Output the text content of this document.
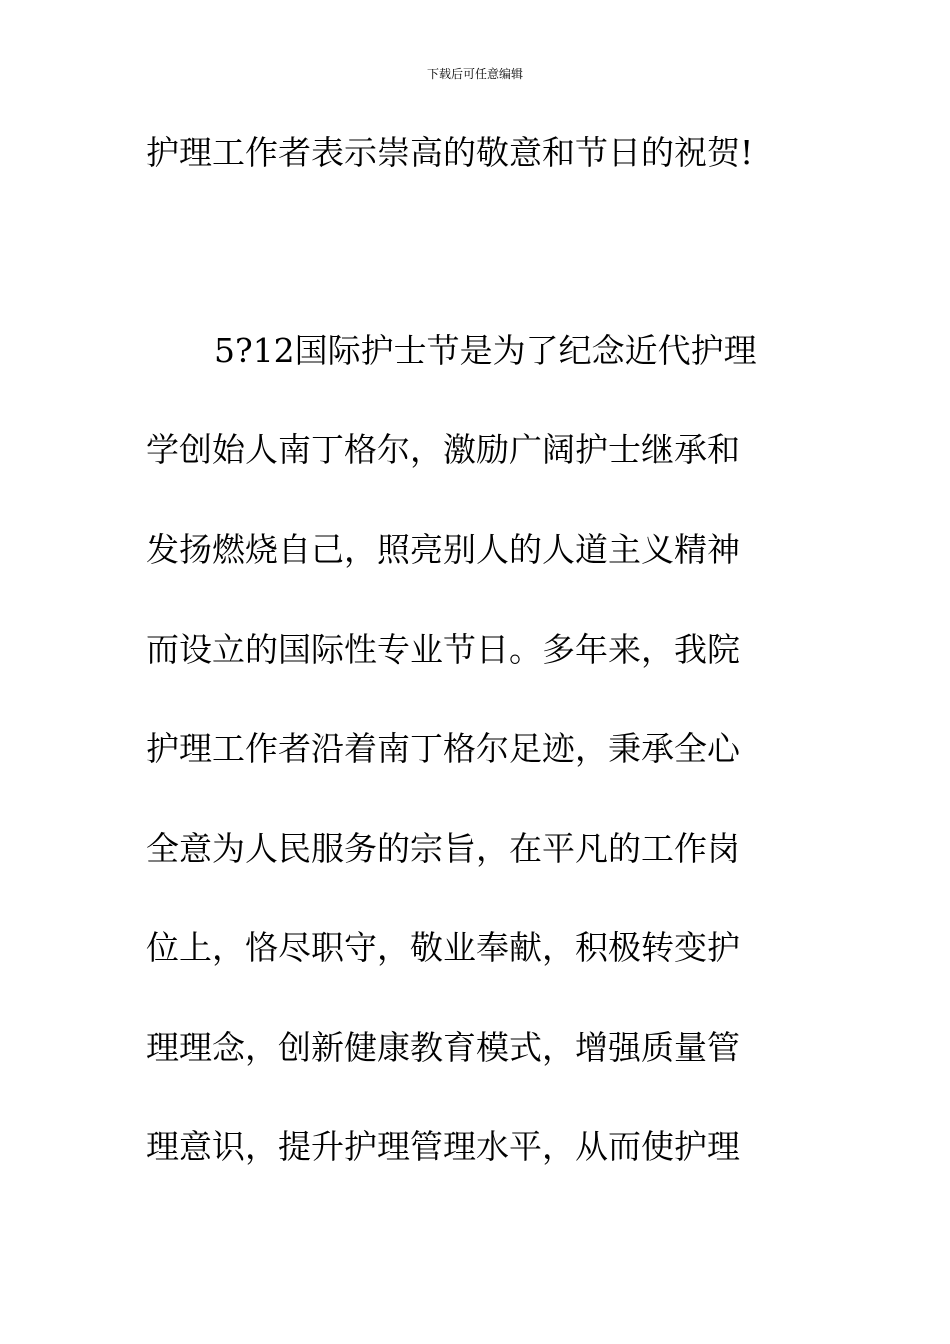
下载后可任意编辑
护理工作者表示崇高的敬意和节日的祝贺!
5?12国际护士节是为了纪念近代护理
学创始人南丁格尔，激励广阔护士继承和
发扬燃烧自己，照亮别人的人道主义精神
而设立的国际性专业节日。多年来，我院
护理工作者沿着南丁格尔足迹，秉承全心
全意为人民服务的宗旨，在平凡的工作岗
位上，恪尽职守，敬业奉献，积极转变护
理理念，创新健康教育模式，增强质量管
理意识，提升护理管理水平，从而使护理
